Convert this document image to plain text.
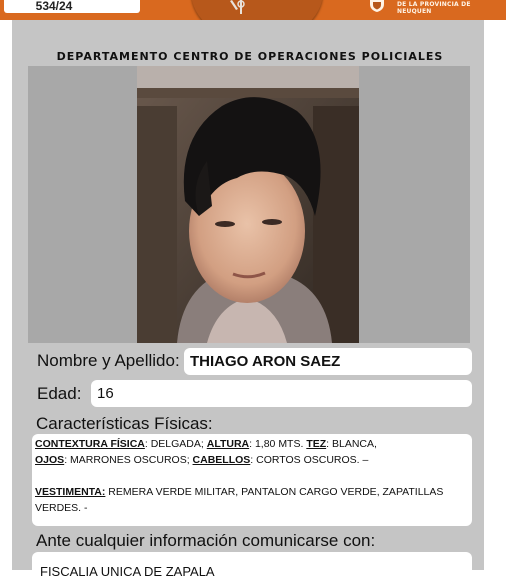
534/24	DE LA PROVINCIA DE NEUQUEN
DEPARTAMENTO CENTRO DE OPERACIONES POLICIALES
Nombre y Apellido: THIAGO ARON SAEZ
Edad:	16
Características Físicas:
CONTEXTURA FÍSICA: DELGADA; ALTURA: 1,80 MTS. TEZ: BLANCA,
OJOS: MARRONES OSCUROS; CABELLOS: CORTOS OSCUROS. –
VESTIMENTA: REMERA VERDE MILITAR, PANTALON CARGO VERDE, ZAPATILLAS
VERDES. -
Ante cualquier información comunicarse con:
FISCALIA UNICA DE ZAPALA
